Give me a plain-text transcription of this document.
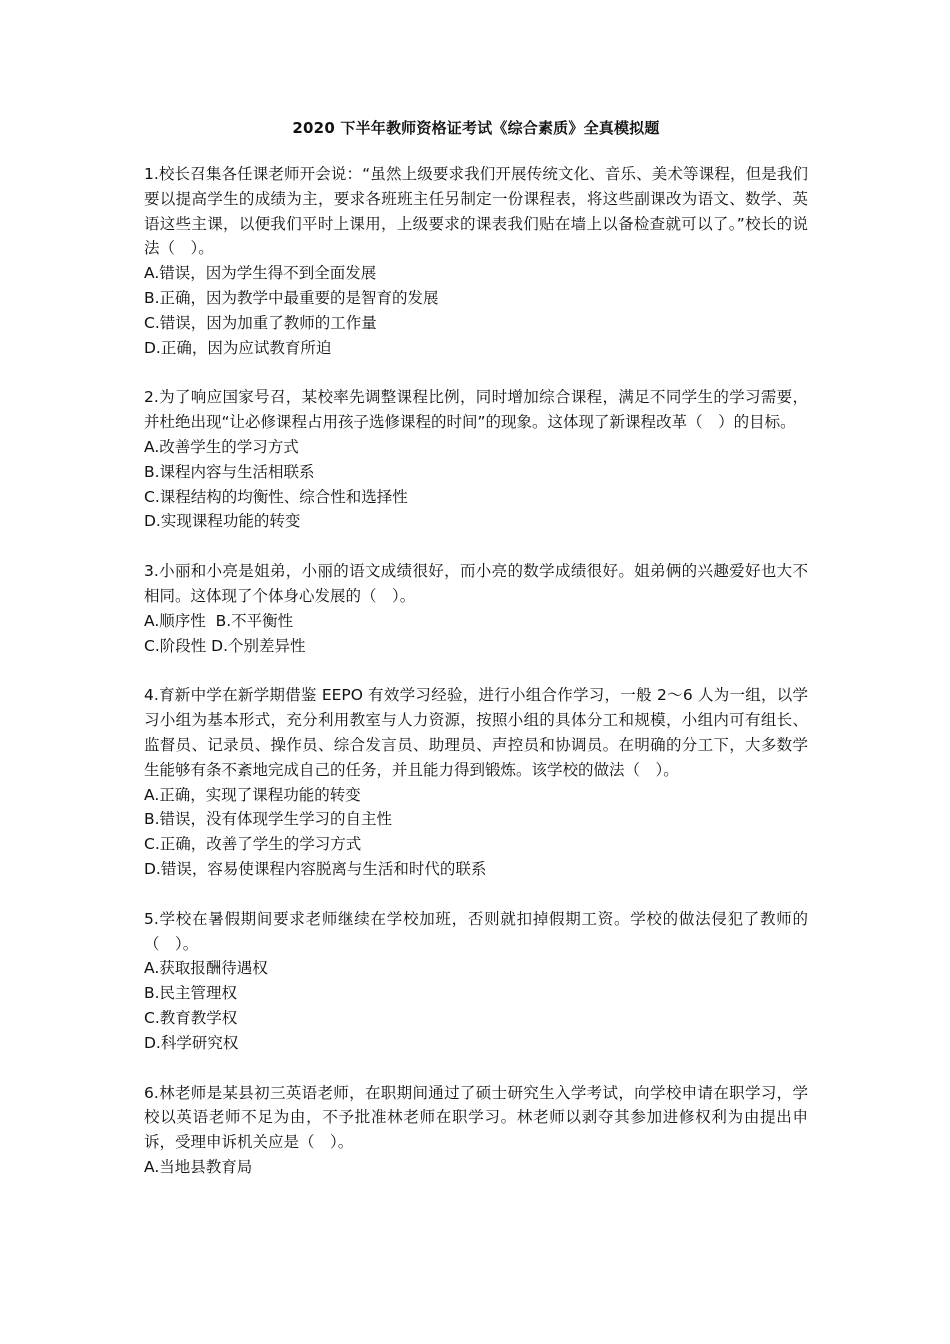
2020 下半年教师资格证考试《综合素质》全真模拟题

1.校长召集各任课老师开会说：“虽然上级要求我们开展传统文化、音乐、美术等课程，但是我们要以提高学生的成绩为主，要求各班班主任另制定一份课程表，将这些副课改为语文、数学、英语这些主课，以便我们平时上课用，上级要求的课表我们贴在墙上以备检查就可以了。”校长的说法（　）。

A.错误，因为学生得不到全面发展

B.正确，因为教学中最重要的是智育的发展

C.错误，因为加重了教师的工作量

D.正确，因为应试教育所迫

2.为了响应国家号召，某校率先调整课程比例，同时增加综合课程，满足不同学生的学习需要，并杜绝出现“让必修课程占用孩子选修课程的时间”的现象。这体现了新课程改革（　）的目标。

A.改善学生的学习方式

B.课程内容与生活相联系

C.课程结构的均衡性、综合性和选择性

D.实现课程功能的转变

3.小丽和小亮是姐弟，小丽的语文成绩很好，而小亮的数学成绩很好。姐弟俩的兴趣爱好也大不相同。这体现了个体身心发展的（　）。

A.顺序性  B.不平衡性

C.阶段性 D.个别差异性

4.育新中学在新学期借鉴 EEPO 有效学习经验，进行小组合作学习，一般 2～6 人为一组，以学习小组为基本形式，充分利用教室与人力资源，按照小组的具体分工和规模，小组内可有组长、监督员、记录员、操作员、综合发言员、助理员、声控员和协调员。在明确的分工下，大多数学生能够有条不紊地完成自己的任务，并且能力得到锻炼。该学校的做法（　）。

A.正确，实现了课程功能的转变

B.错误，没有体现学生学习的自主性

C.正确，改善了学生的学习方式

D.错误，容易使课程内容脱离与生活和时代的联系

5.学校在暑假期间要求老师继续在学校加班，否则就扣掉假期工资。学校的做法侵犯了教师的（　）。

A.获取报酬待遇权

B.民主管理权

C.教育教学权

D.科学研究权

6.林老师是某县初三英语老师，在职期间通过了硕士研究生入学考试，向学校申请在职学习，学校以英语老师不足为由，不予批准林老师在职学习。林老师以剥夺其参加进修权利为由提出申诉，受理申诉机关应是（　）。

A.当地县教育局
